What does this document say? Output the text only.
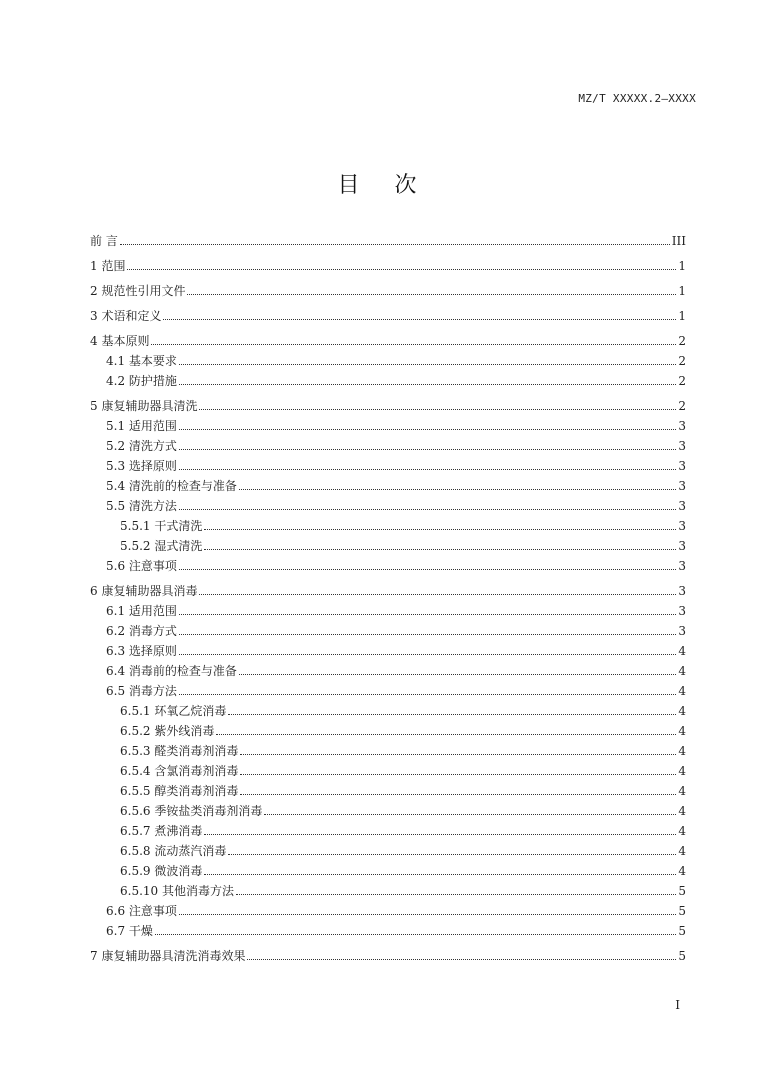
MZ/T XXXXX.2—XXXX
目 次
前 言	III
1 范围	1
2 规范性引用文件	1
3 术语和定义	1
4 基本原则	2
4.1 基本要求	2
4.2 防护措施	2
5 康复辅助器具清洗	2
5.1 适用范围	3
5.2 清洗方式	3
5.3 选择原则	3
5.4 清洗前的检查与准备	3
5.5 清洗方法	3
5.5.1 干式清洗	3
5.5.2 湿式清洗	3
5.6 注意事项	3
6 康复辅助器具消毒	3
6.1 适用范围	3
6.2 消毒方式	3
6.3 选择原则	4
6.4 消毒前的检查与准备	4
6.5 消毒方法	4
6.5.1 环氧乙烷消毒	4
6.5.2 紫外线消毒	4
6.5.3 醛类消毒剂消毒	4
6.5.4 含氯消毒剂消毒	4
6.5.5 醇类消毒剂消毒	4
6.5.6 季铵盐类消毒剂消毒	4
6.5.7 煮沸消毒	4
6.5.8 流动蒸汽消毒	4
6.5.9 微波消毒	4
6.5.10 其他消毒方法	5
6.6 注意事项	5
6.7 干燥	5
7 康复辅助器具清洗消毒效果	5
I
